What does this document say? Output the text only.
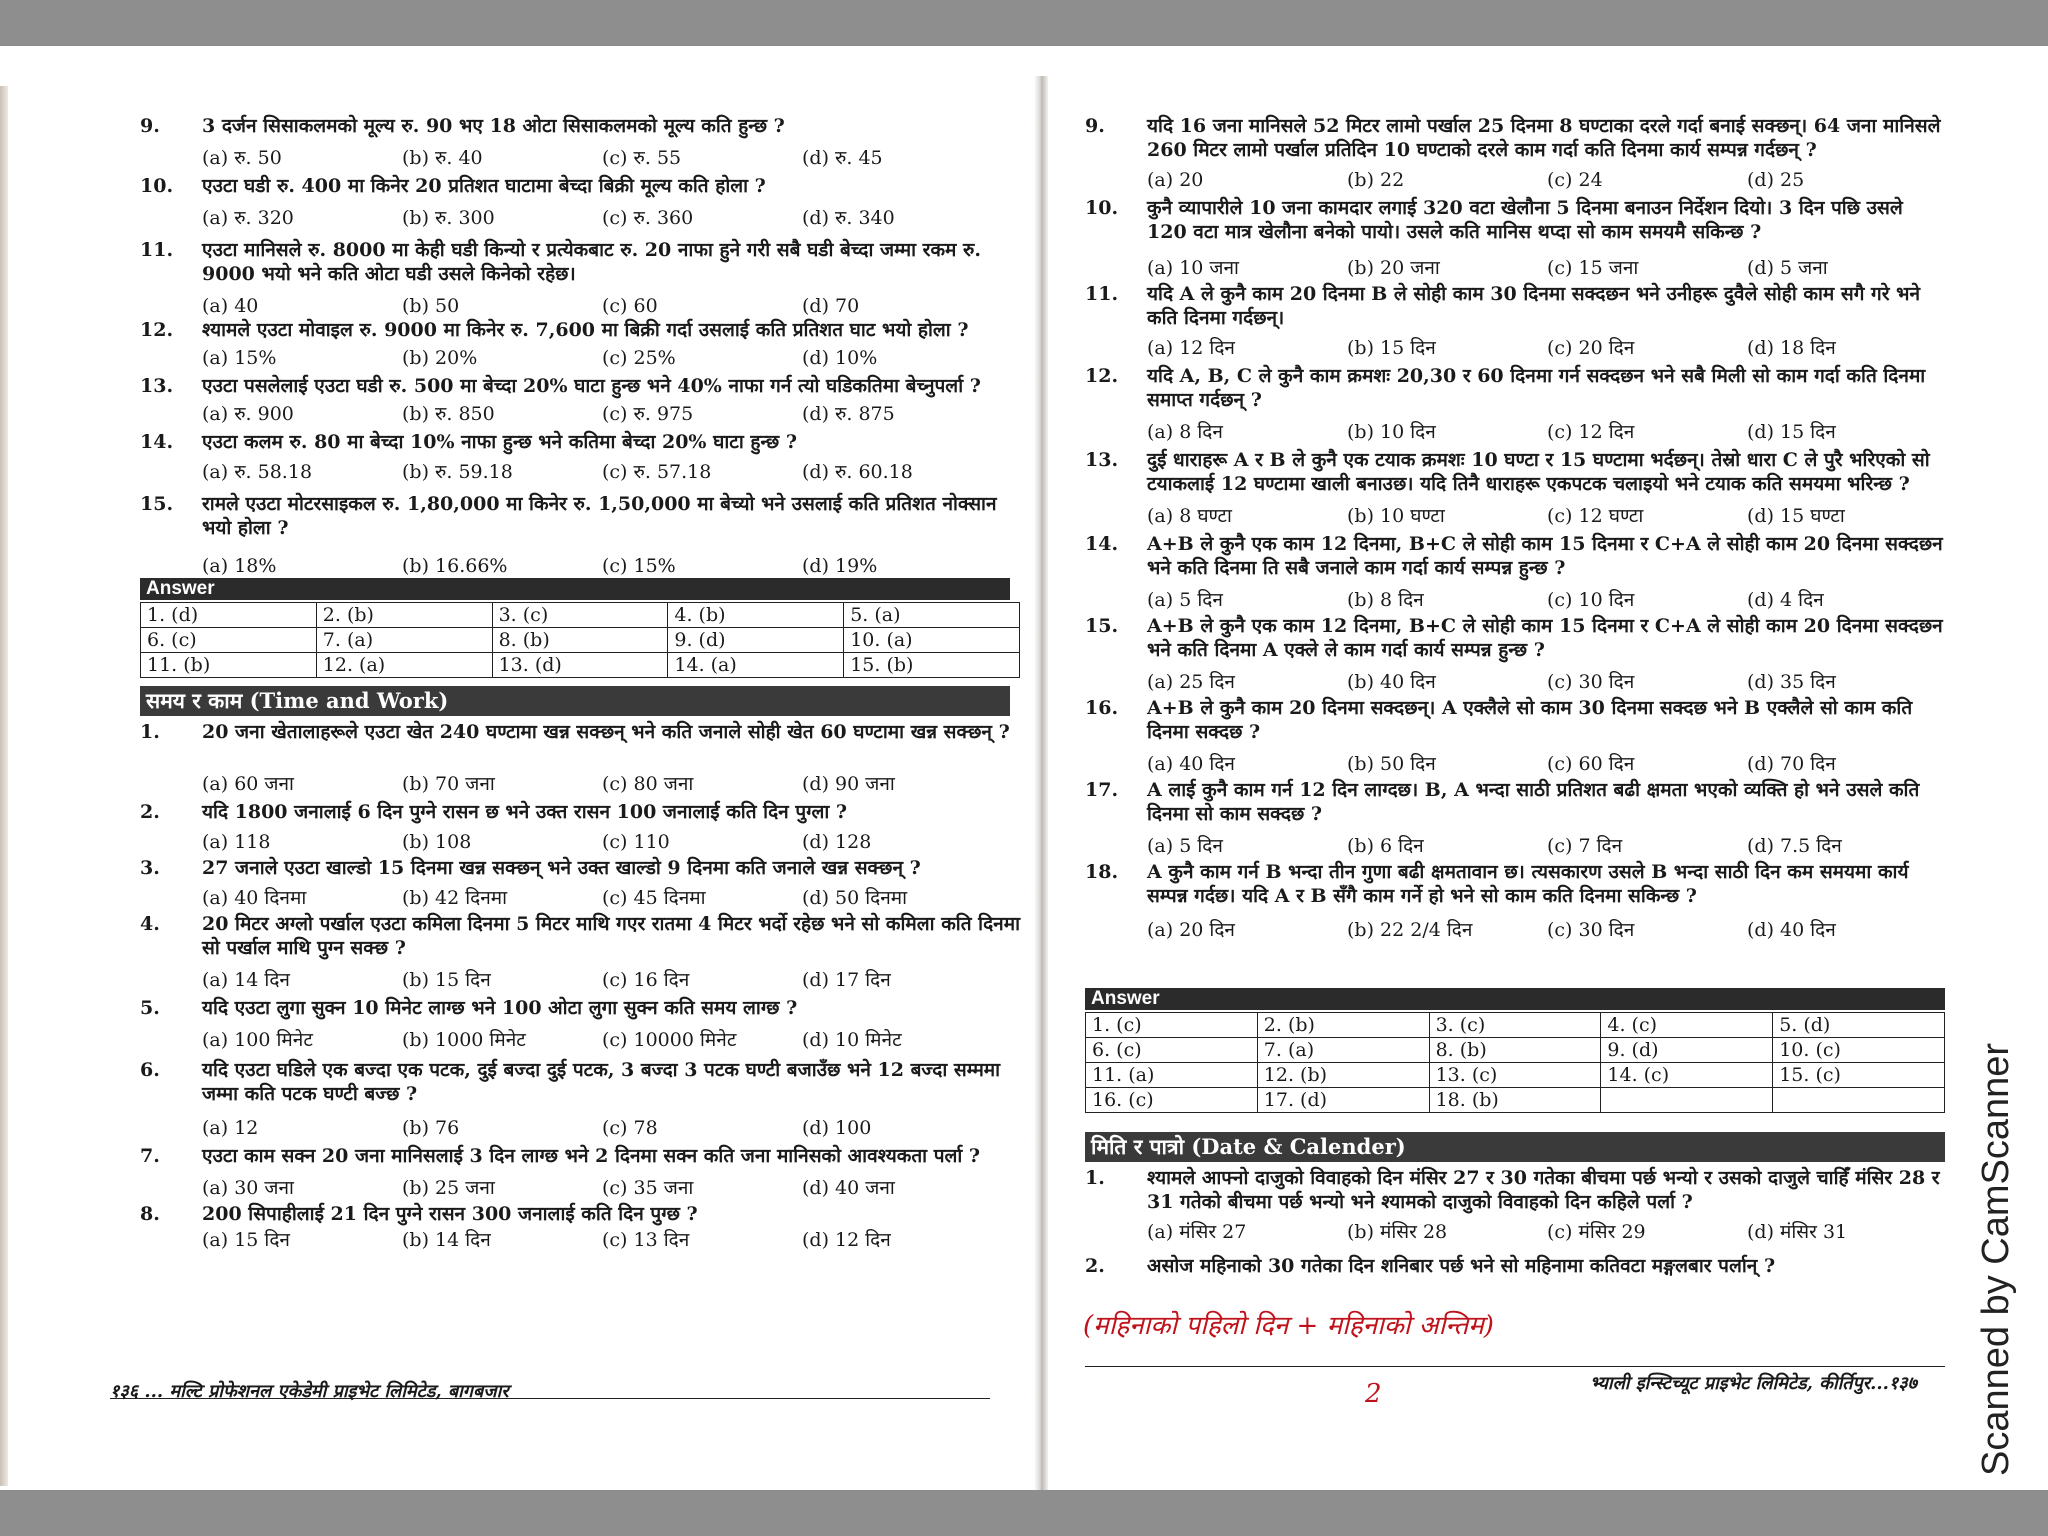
9. 3 दर्जन सिसाकलमको मूल्य रु. 90 भए 18 ओटा सिसाकलमको मूल्य कति हुन्छ ?
(a) रु. 50	(b) रु. 40	(c) रु. 55	(d) रु. 45
10. एउटा घडी रु. 400 मा किनेर 20 प्रतिशत घाटामा बेच्दा बिक्री मूल्य कति होला ?
(a) रु. 320	(b) रु. 300	(c) रु. 360	(d) रु. 340
11. एउटा मानिसले रु. 8000 मा केही घडी किन्यो र प्रत्येकबाट रु. 20 नाफा हुने गरी सबै घडी बेच्दा जम्मा रकम रु. 9000 भयो भने कति ओटा घडी उसले किनेको रहेछ।
(a) 40	(b) 50	(c) 60	(d) 70
12. श्यामले एउटा मोवाइल रु. 9000 मा किनेर रु. 7,600 मा बिक्री गर्दा उसलाई कति प्रतिशत घाट भयो होला ?
(a) 15%	(b) 20%	(c) 25%	(d) 10%
13. एउटा पसलेलाई एउटा घडी रु. 500 मा बेच्दा 20% घाटा हुन्छ भने 40% नाफा गर्न त्यो घडिकतिमा बेच्नुपर्ला ?
(a) रु. 900	(b) रु. 850	(c) रु. 975	(d) रु. 875
14. एउटा कलम रु. 80 मा बेच्दा 10% नाफा हुन्छ भने कतिमा बेच्दा 20% घाटा हुन्छ ?
(a) रु. 58.18	(b) रु. 59.18	(c) रु. 57.18	(d) रु. 60.18
15. रामले एउटा मोटरसाइकल रु. 1,80,000 मा किनेर रु. 1,50,000 मा बेच्यो भने उसलाई कति प्रतिशत नोक्सान भयो होला ?
(a) 18%	(b) 16.66%	(c) 15%	(d) 19%
Answer
1. (d)	2. (b)	3. (c)	4. (b)	5. (a)
6. (c)	7. (a)	8. (b)	9. (d)	10. (a)
11. (b)	12. (a)	13. (d)	14. (a)	15. (b)
समय र काम (Time and Work)
1. 20 जना खेतालाहरूले एउटा खेत 240 घण्टामा खन्न सक्छन् भने कति जनाले सोही खेत 60 घण्टामा खन्न सक्छन् ?
(a) 60 जना	(b) 70 जना	(c) 80 जना	(d) 90 जना
2. यदि 1800 जनालाई 6 दिन पुग्ने रासन छ भने उक्त रासन 100 जनालाई कति दिन पुग्ला ?
(a) 118	(b) 108	(c) 110	(d) 128
3. 27 जनाले एउटा खाल्डो 15 दिनमा खन्न सक्छन् भने उक्त खाल्डो 9 दिनमा कति जनाले खन्न सक्छन् ?
(a) 40 दिनमा	(b) 42 दिनमा	(c) 45 दिनमा	(d) 50 दिनमा
4. 20 मिटर अग्लो पर्खाल एउटा कमिला दिनमा 5 मिटर माथि गएर रातमा 4 मिटर भर्दो रहेछ भने सो कमिला कति दिनमा सो पर्खाल माथि पुग्न सक्छ ?
(a) 14 दिन	(b) 15 दिन	(c) 16 दिन	(d) 17 दिन
5. यदि एउटा लुगा सुक्न 10 मिनेट लाग्छ भने 100 ओटा लुगा सुक्न कति समय लाग्छ ?
(a) 100 मिनेट	(b) 1000 मिनेट	(c) 10000 मिनेट	(d) 10 मिनेट
6. यदि एउटा घडिले एक बज्दा एक पटक, दुई बज्दा दुई पटक, 3 बज्दा 3 पटक घण्टी बजाउँछ भने 12 बज्दा सम्ममा जम्मा कति पटक घण्टी बज्छ ?
(a) 12	(b) 76	(c) 78	(d) 100
7. एउटा काम सक्न 20 जना मानिसलाई 3 दिन लाग्छ भने 2 दिनमा सक्न कति जना मानिसको आवश्यकता पर्ला ?
(a) 30 जना	(b) 25 जना	(c) 35 जना	(d) 40 जना
8. 200 सिपाहीलाई 21 दिन पुग्ने रासन 300 जनालाई कति दिन पुग्छ ?
(a) 15 दिन	(b) 14 दिन	(c) 13 दिन	(d) 12 दिन
१३६ ... मल्टि प्रोफेशनल एकेडेमी प्राइभेट लिमिटेड, बागबजार
9. यदि 16 जना मानिसले 52 मिटर लामो पर्खाल 25 दिनमा 8 घण्टाका दरले गर्दा बनाई सक्छन्। 64 जना मानिसले 260 मिटर लामो पर्खाल प्रतिदिन 10 घण्टाको दरले काम गर्दा कति दिनमा कार्य सम्पन्न गर्दछन् ?
(a) 20	(b) 22	(c) 24	(d) 25
10. कुनै व्यापारीले 10 जना कामदार लगाई 320 वटा खेलौना 5 दिनमा बनाउन निर्देशन दियो। 3 दिन पछि उसले 120 वटा मात्र खेलौना बनेको पायो। उसले कति मानिस थप्दा सो काम समयमै सकिन्छ ?
(a) 10 जना	(b) 20 जना	(c) 15 जना	(d) 5 जना
11. यदि A ले कुनै काम 20 दिनमा B ले सोही काम 30 दिनमा सक्दछन भने उनीहरू दुवैले सोही काम सगै गरे भने कति दिनमा गर्दछन्।
(a) 12 दिन	(b) 15 दिन	(c) 20 दिन	(d) 18 दिन
12. यदि A, B, C ले कुनै काम क्रमशः 20,30 र 60 दिनमा गर्न सक्दछन भने सबै मिली सो काम गर्दा कति दिनमा समाप्त गर्दछन् ?
(a) 8 दिन	(b) 10 दिन	(c) 12 दिन	(d) 15 दिन
13. दुई धाराहरू A र B ले कुनै एक टयाक क्रमशः 10 घण्टा र 15 घण्टामा भर्दछन्। तेस्रो धारा C ले पुरै भरिएको सो टयाकलाई 12 घण्टामा खाली बनाउछ। यदि तिनै धाराहरू एकपटक चलाइयो भने टयाक कति समयमा भरिन्छ ?
(a) 8 घण्टा	(b) 10 घण्टा	(c) 12 घण्टा	(d) 15 घण्टा
14. A+B ले कुनै एक काम 12 दिनमा, B+C ले सोही काम 15 दिनमा र C+A ले सोही काम 20 दिनमा सक्दछन भने कति दिनमा ति सबै जनाले काम गर्दा कार्य सम्पन्न हुन्छ ?
(a) 5 दिन	(b) 8 दिन	(c) 10 दिन	(d) 4 दिन
15. A+B ले कुनै एक काम 12 दिनमा, B+C ले सोही काम 15 दिनमा र C+A ले सोही काम 20 दिनमा सक्दछन भने कति दिनमा A एक्ले ले काम गर्दा कार्य सम्पन्न हुन्छ ?
(a) 25 दिन	(b) 40 दिन	(c) 30 दिन	(d) 35 दिन
16. A+B ले कुनै काम 20 दिनमा सक्दछन्। A एक्लैले सो काम 30 दिनमा सक्दछ भने B एक्लैले सो काम कति दिनमा सक्दछ ?
(a) 40 दिन	(b) 50 दिन	(c) 60 दिन	(d) 70 दिन
17. A लाई कुनै काम गर्न 12 दिन लाग्दछ। B, A भन्दा साठी प्रतिशत बढी क्षमता भएको व्यक्ति हो भने उसले कति दिनमा सो काम सक्दछ ?
(a) 5 दिन	(b) 6 दिन	(c) 7 दिन	(d) 7.5 दिन
18. A कुनै काम गर्न B भन्दा तीन गुणा बढी क्षमतावान छ। त्यसकारण उसले B भन्दा साठी दिन कम समयमा कार्य सम्पन्न गर्दछ। यदि A र B सँगै काम गर्ने हो भने सो काम कति दिनमा सकिन्छ ?
(a) 20 दिन	(b) 22 2/4 दिन	(c) 30 दिन	(d) 40 दिन
Answer
1. (c)	2. (b)	3. (c)	4. (c)	5. (d)
6. (c)	7. (a)	8. (b)	9. (d)	10. (c)
11. (a)	12. (b)	13. (c)	14. (c)	15. (c)
16. (c)	17. (d)	18. (b)		
मिति र पात्रो (Date & Calender)
1. श्यामले आफ्नो दाजुको विवाहको दिन मंसिर 27 र 30 गतेका बीचमा पर्छ भन्यो र उसको दाजुले चाहिँ मंसिर 28 र 31 गतेको बीचमा पर्छ भन्यो भने श्यामको दाजुको विवाहको दिन कहिले पर्ला ?
(a) मंसिर 27	(b) मंसिर 28	(c) मंसिर 29	(d) मंसिर 31
2. असोज महिनाको 30 गतेका दिन शनिबार पर्छ भने सो महिनामा कतिवटा मङ्गलबार पर्लान् ?
(महिनाको पहिलो दिन + महिनाको अन्तिम)
2	भ्याली इन्स्टिच्यूट प्राइभेट लिमिटेड, कीर्तिपुर...१३७ Scanned by CamScanner
